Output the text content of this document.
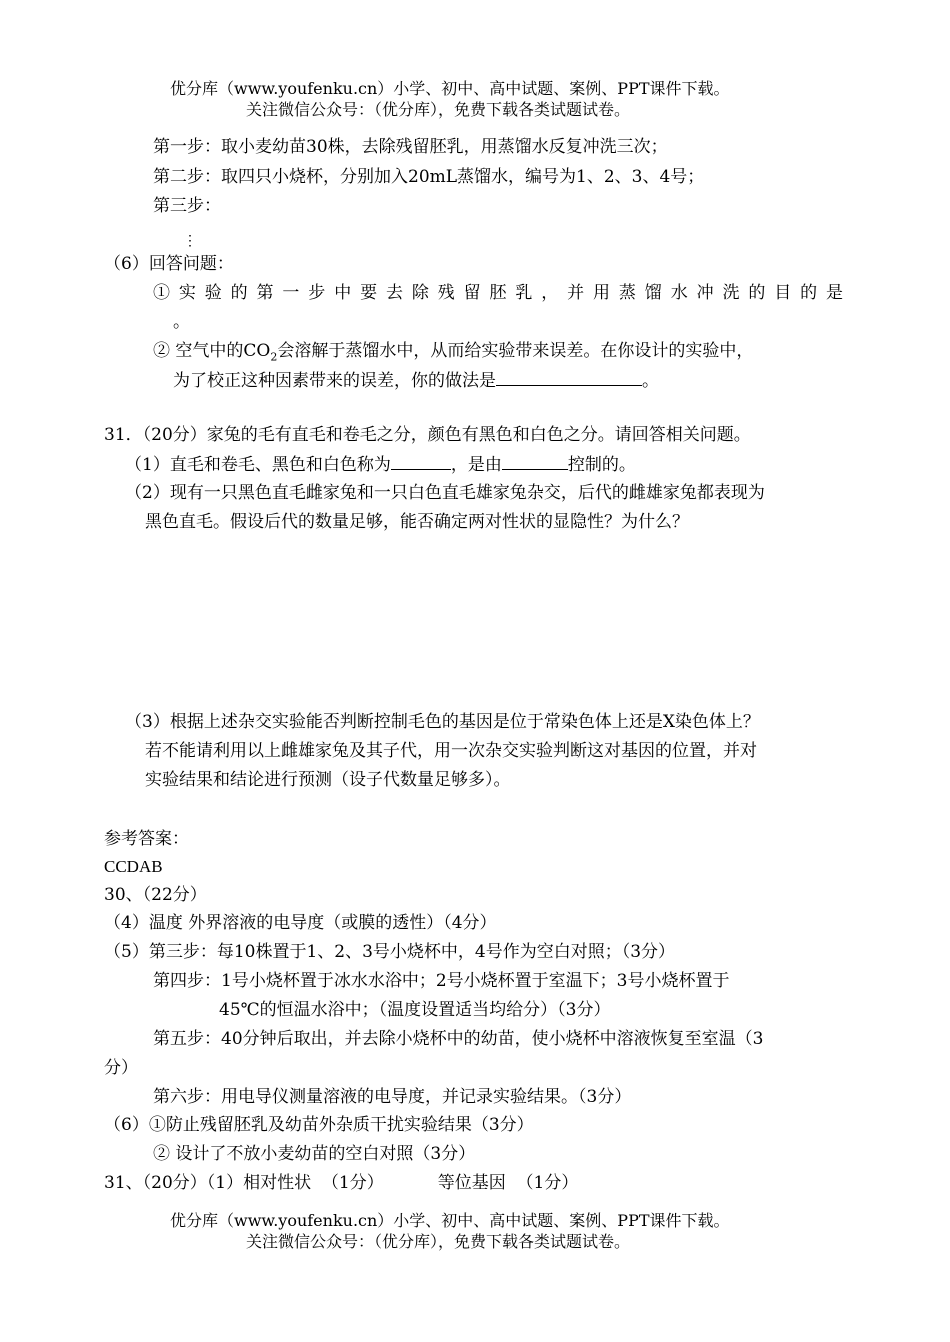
优分库（www.youfenku.cn）小学、初中、高中试题、案例、PPT课件下载。
关注微信公众号：（优分库），免费下载各类试题试卷。
第一步：取小麦幼苗30株，去除残留胚乳，用蒸馏水反复冲洗三次；
第二步：取四只小烧杯，分别加入20mL蒸馏水，编号为1、2、3、4号；
第三步：
⋮
（6）回答问题：
① 实 验 的 第 一 步 中 要 去 除 残 留 胚 乳 ， 并 用 蒸 馏 水 冲 洗 的 目 的 是
。
② 空气中的$CO_2$会溶解于蒸馏水中，从而给实验带来误差。在你设计的实验中，
为了校正这种因素带来的误差，你的做法是	。
31．（20分）家兔的毛有直毛和卷毛之分，颜色有黑色和白色之分。请回答相关问题。
（1）直毛和卷毛、黑色和白色称为	，是由	控制的。
（2）现有一只黑色直毛雌家兔和一只白色直毛雄家兔杂交，后代的雌雄家兔都表现为
黑色直毛。假设后代的数量足够，能否确定两对性状的显隐性？为什么？
（3）根据上述杂交实验能否判断控制毛色的基因是位于常染色体上还是X染色体上？
若不能请利用以上雌雄家兔及其子代，用一次杂交实验判断这对基因的位置，并对
实验结果和结论进行预测（设子代数量足够多）。
参考答案：
CCDAB
30、（22分）
（4）温度 外界溶液的电导度（或膜的透性）（4分）
（5）第三步：每10株置于1、2、3号小烧杯中，4号作为空白对照；（3分）
第四步：1号小烧杯置于冰水水浴中；2号小烧杯置于室温下；3号小烧杯置于
45℃的恒温水浴中；（温度设置适当均给分）（3分）
第五步：40分钟后取出，并去除小烧杯中的幼苗，使小烧杯中溶液恢复至室温（3
分）
第六步：用电导仪测量溶液的电导度，并记录实验结果。（3分）
（6）①防止残留胚乳及幼苗外杂质干扰实验结果（3分）
② 设计了不放小麦幼苗的空白对照（3分）
31、（20分）（1）相对性状  （1分）          等位基因  （1分）
优分库（www.youfenku.cn）小学、初中、高中试题、案例、PPT课件下载。
关注微信公众号：（优分库），免费下载各类试题试卷。
